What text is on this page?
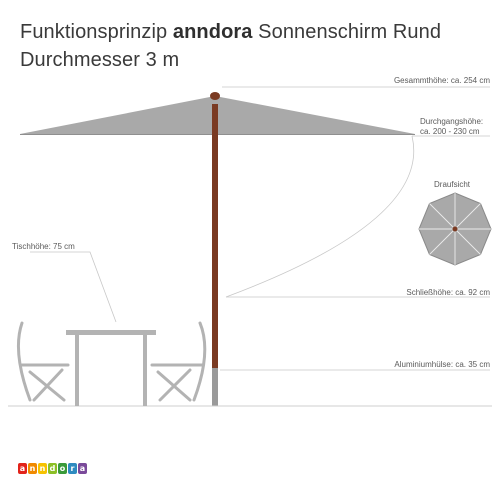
Funktionsprinzip anndora Sonnenschirm Rund
Durchmesser 3 m
Gesammthöhe: ca. 254 cm
Durchgangshöhe:
ca. 200 - 230 cm
Draufsicht
Tischhöhe: 75 cm
Schließhöhe: ca. 92 cm
Aluminiumhülse: ca. 35 cm
a n n d o r a
